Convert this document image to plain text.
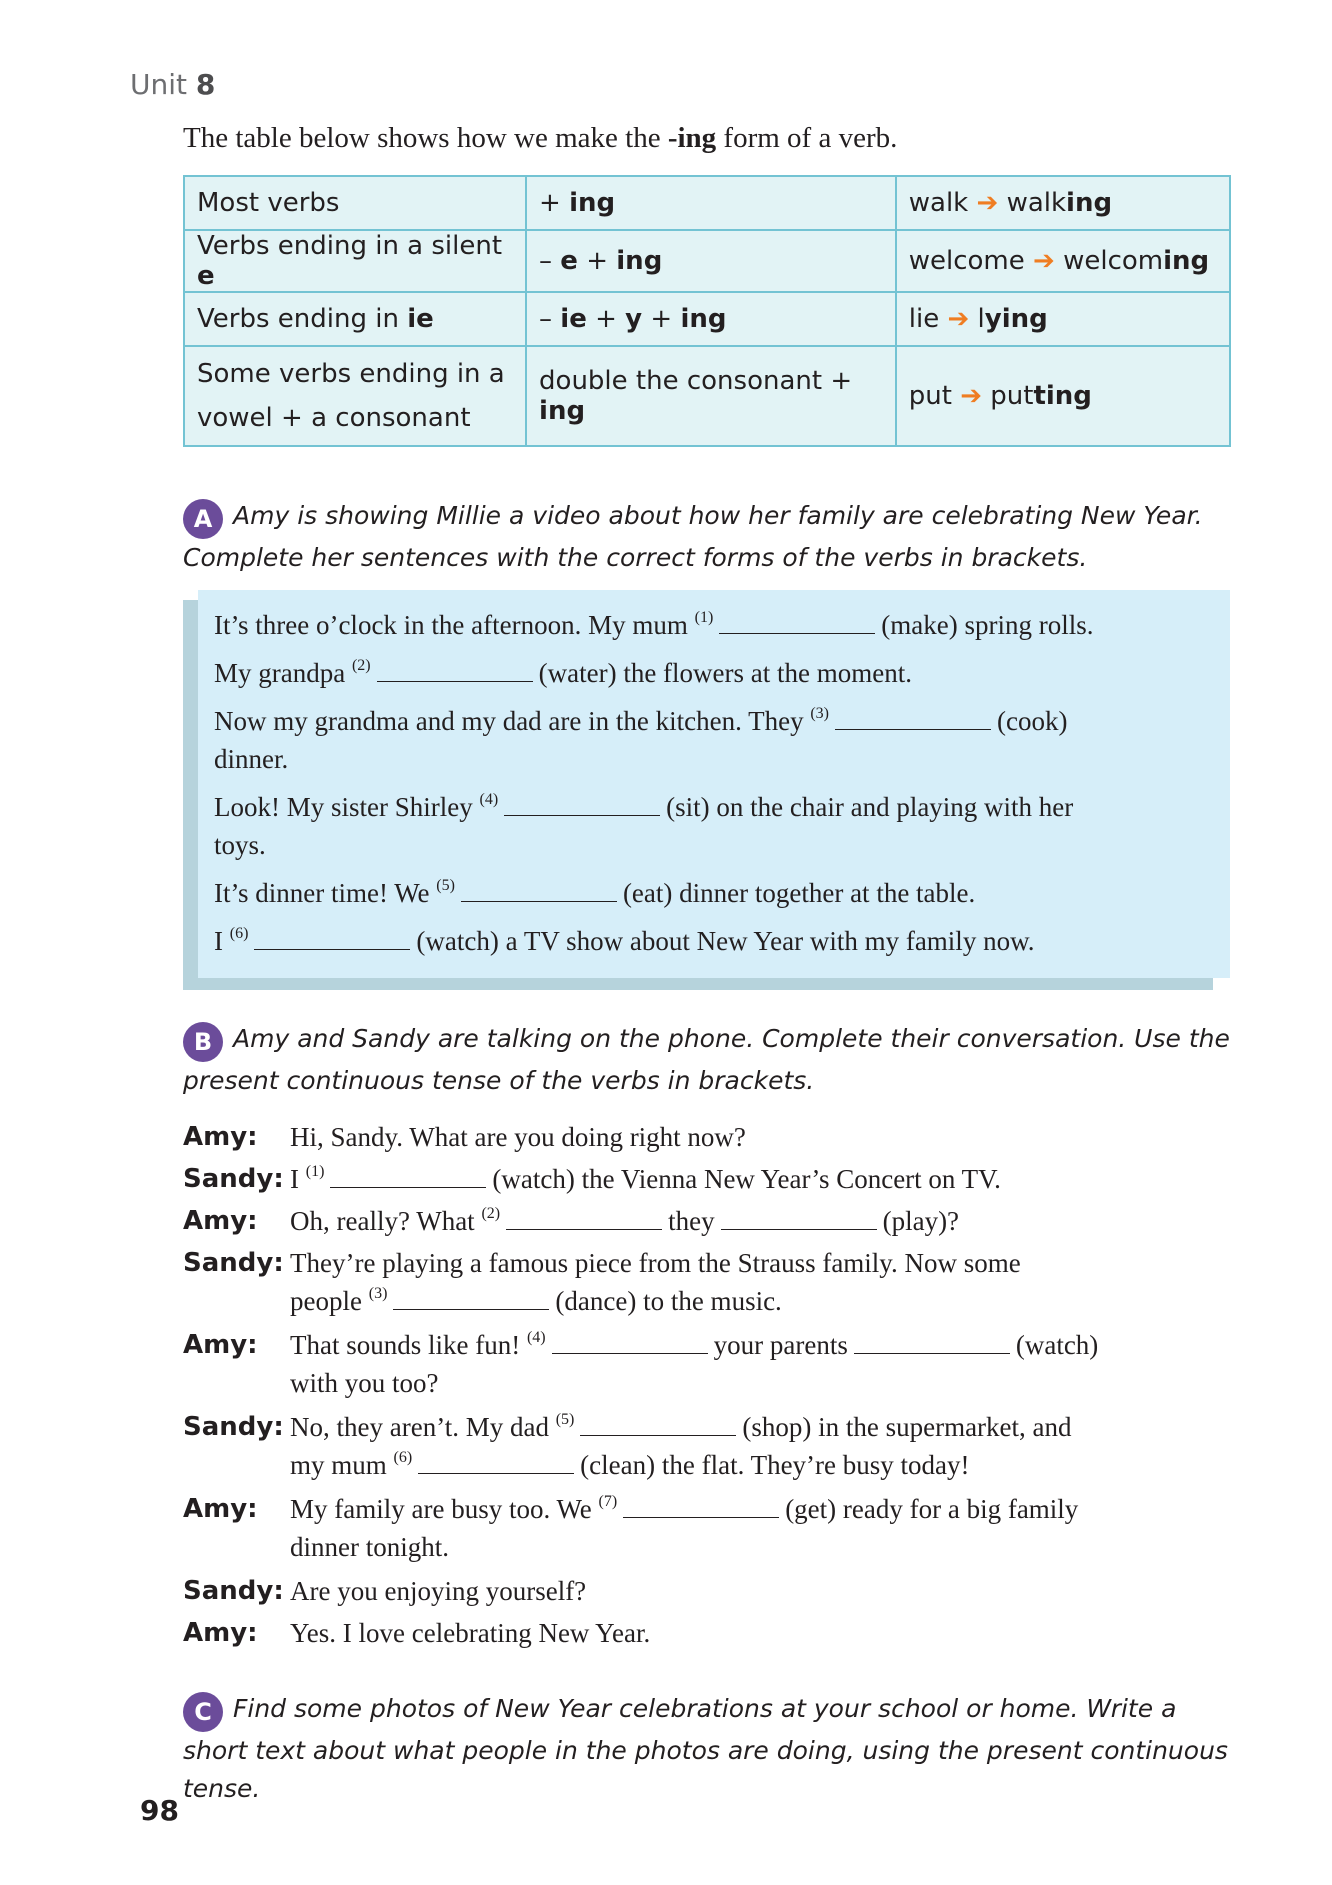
Unit 8
The table below shows how we make the -ing form of a verb.
Most verbs	+ ing	walk ➔ walking
Verbs ending in a silent e	– e + ing	welcome ➔ welcoming
Verbs ending in ie	– ie + y + ing	lie ➔ lying
Some verbs ending in a
vowel + a consonant	double the consonant + ing	put ➔ putting
A Amy is showing Millie a video about how her family are celebrating New Year. Complete her sentences with the correct forms of the verbs in brackets.
It’s three o’clock in the afternoon. My mum $^{(1)}$	(make) spring rolls.
My grandpa $^{(2)}$	(water) the flowers at the moment.
Now my grandma and my dad are in the kitchen. They $^{(3)}$	(cook)
dinner.
Look! My sister Shirley $^{(4)}$	(sit) on the chair and playing with her
toys.
It’s dinner time! We $^{(5)}$	(eat) dinner together at the table.
I $^{(6)}$	(watch) a TV show about New Year with my family now.
B Amy and Sandy are talking on the phone. Complete their conversation. Use the present continuous tense of the verbs in brackets.
Amy: Hi, Sandy. What are you doing right now?
Sandy: I $^{(1)}$	(watch) the Vienna New Year’s Concert on TV.
Amy: Oh, really? What $^{(2)}$	they	(play)?
Sandy: They’re playing a famous piece from the Strauss family. Now some
people $^{(3)}$	(dance) to the music.
Amy: That sounds like fun! $^{(4)}$	your parents	(watch)
with you too?
Sandy: No, they aren’t. My dad $^{(5)}$	(shop) in the supermarket, and
my mum $^{(6)}$	(clean) the flat. They’re busy today!
Amy: My family are busy too. We $^{(7)}$	(get) ready for a big family
dinner tonight.
Sandy: Are you enjoying yourself?
Amy: Yes. I love celebrating New Year.
C Find some photos of New Year celebrations at your school or home. Write a short text about what people in the photos are doing, using the present continuous tense.
98
